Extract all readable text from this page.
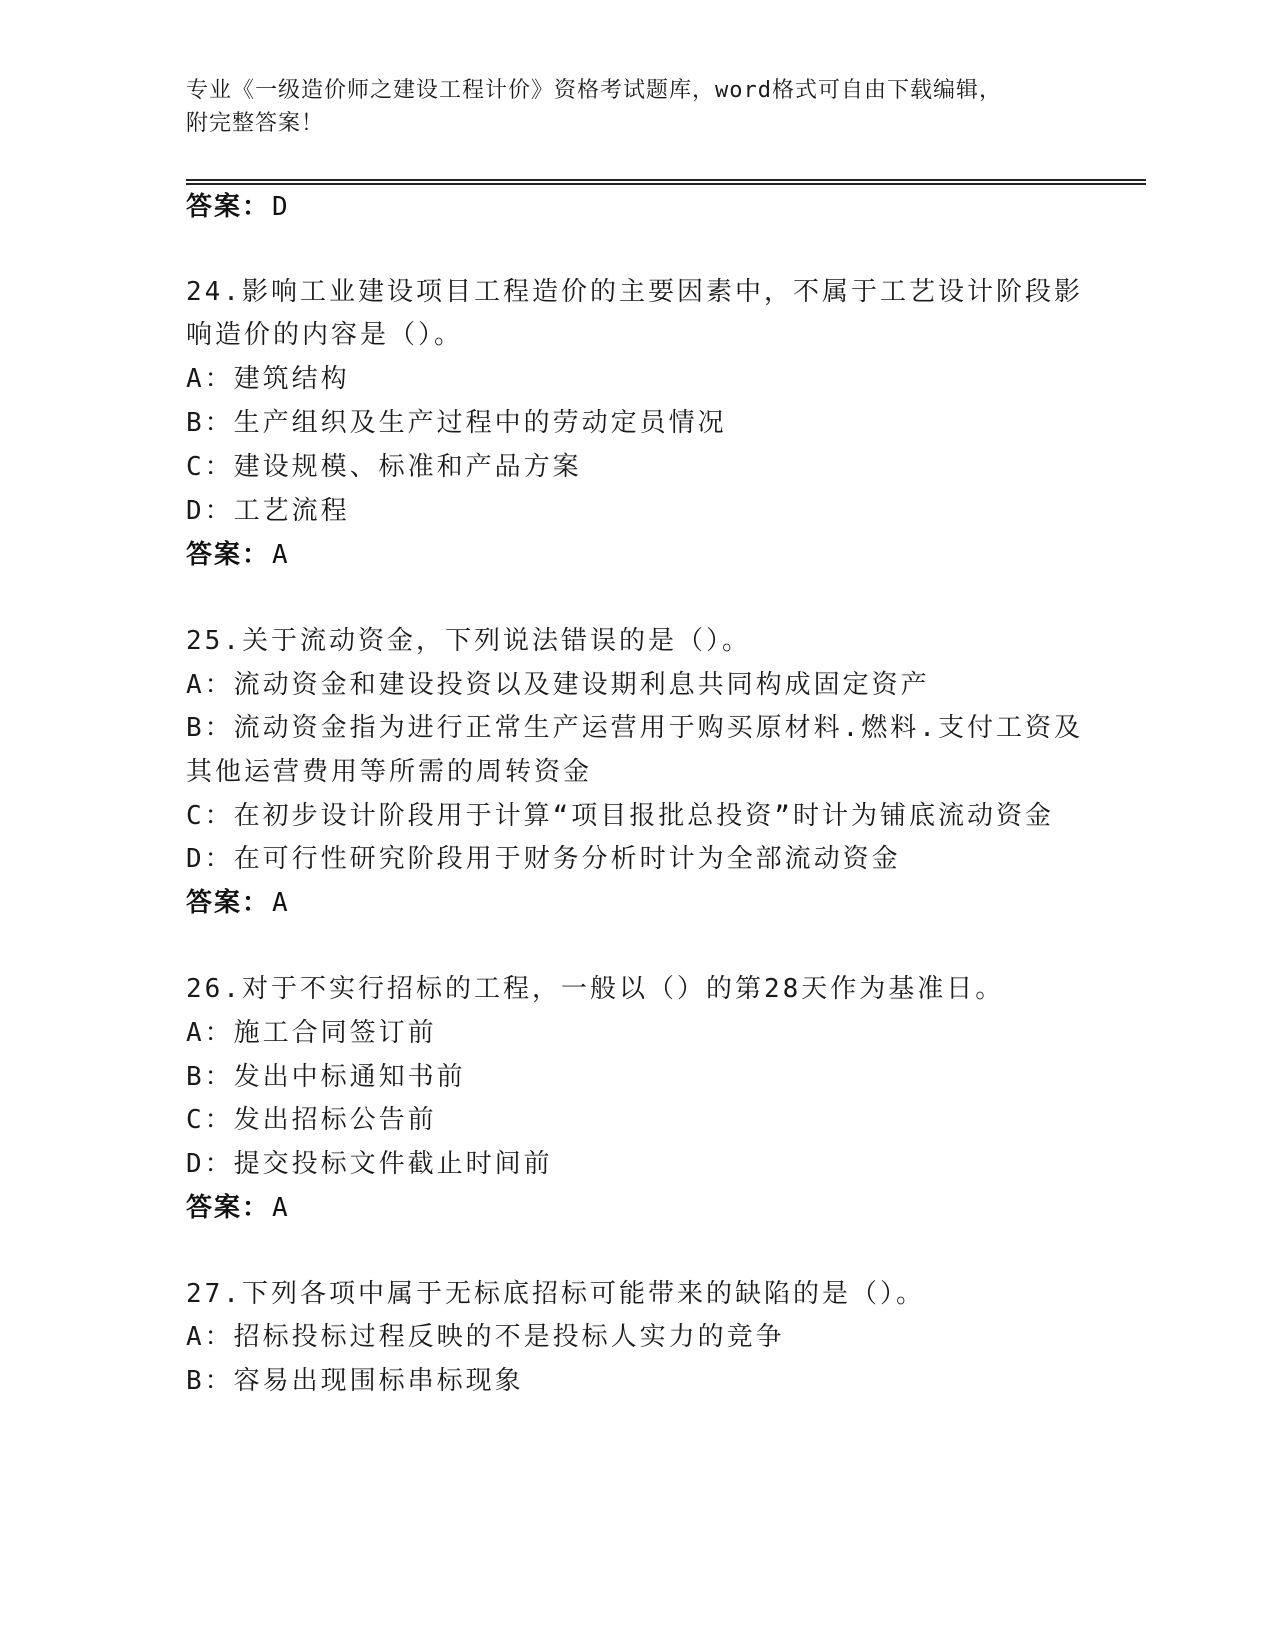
专业《一级造价师之建设工程计价》资格考试题库，word格式可自由下载编辑，
附完整答案！
答案：D
24.影响工业建设项目工程造价的主要因素中，不属于工艺设计阶段影
响造价的内容是（）。
A：建筑结构
B：生产组织及生产过程中的劳动定员情况
C：建设规模、标准和产品方案
D：工艺流程
答案：A
25.关于流动资金，下列说法错误的是（）。
A：流动资金和建设投资以及建设期利息共同构成固定资产
B：流动资金指为进行正常生产运营用于购买原材料.燃料.支付工资及
其他运营费用等所需的周转资金
C：在初步设计阶段用于计算“项目报批总投资”时计为铺底流动资金
D：在可行性研究阶段用于财务分析时计为全部流动资金
答案：A
26.对于不实行招标的工程，一般以（）的第28天作为基准日。
A：施工合同签订前
B：发出中标通知书前
C：发出招标公告前
D：提交投标文件截止时间前
答案：A
27.下列各项中属于无标底招标可能带来的缺陷的是（）。
A：招标投标过程反映的不是投标人实力的竞争
B：容易出现围标串标现象
